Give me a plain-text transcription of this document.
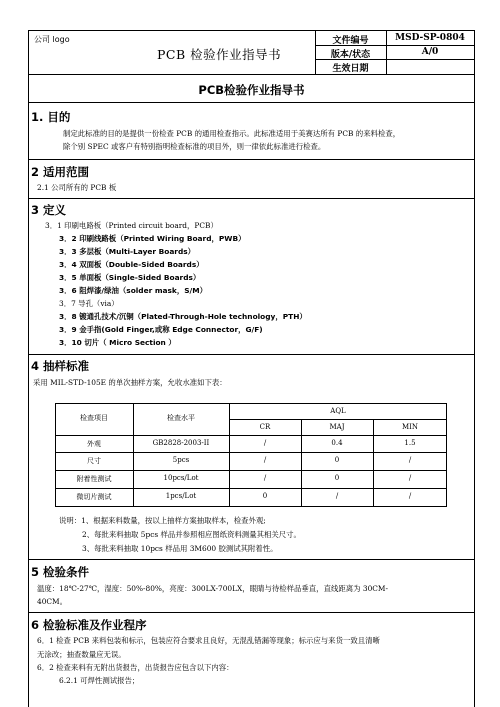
公司 logo
PCB 检验作业指导书
文件编号	MSD-SP-0804
版本/状态	A/0
生效日期
PCB检验作业指导书
1. 目的
制定此标准的目的是提供一份检查 PCB 的通用检查指示。此标准适用于美赛达所有 PCB 的来料检查，
除个别 SPEC 或客户有特别指明检查标准的项目外，则一律依此标准进行检查。
2 适用范围
2.1 公司所有的 PCB 板
3 定义
3．1 印刷电路板（Printed circuit board，PCB）
3．2 印刷线路板（Printed Wiring Board，PWB）
3．3 多层板（Multi-Layer Boards）
3．4 双面板（Double-Sided Boards）
3．5 单面板（Single-Sided Boards）
3．6 阻焊漆/绿油（solder mask，S/M）
3．7 导孔（via）
3．8 镀通孔技术/沉铜（Plated-Through-Hole technology，PTH）
3．9 金手指(Gold Finger,或称 Edge Connector，G/F)
3．10 切片（ Micro Section ）
4 抽样标准
采用 MIL-STD-105E 的单次抽样方案，允收水准如下表：
检查项目	检查水平
AQL
CR	MAJ	MIN
外观	GB2828-2003-II	/	0.4	1.5
尺寸	5pcs	/	0	/
附着性测试	10pcs/Lot	/	0	/
微切片测试	1pcs/Lot	0	/	/
说明：1、根据来料数量，按以上抽样方案抽取样本，检查外观;
2、每批来料抽取 5pcs 样品并参照相应图纸资料测量其相关尺寸。
3、每批来料抽取 10pcs 样品用 3M600 胶测试其附着性。
5 检验条件
温度：18℃-27℃，湿度：50%-80%，亮度：300LX-700LX，眼睛与待检样品垂直，直线距离为 30CM-
40CM。
6 检验标准及作业程序
6．1 检查 PCB 来料包装和标示，包装应符合要求且良好，无混乱错漏等现象；标示应与来货一致且清晰
无涂改；抽查数量应无误。
6．2 检查来料有无附出货报告，出货报告应包含以下内容：
6.2.1 可焊性测试报告；
